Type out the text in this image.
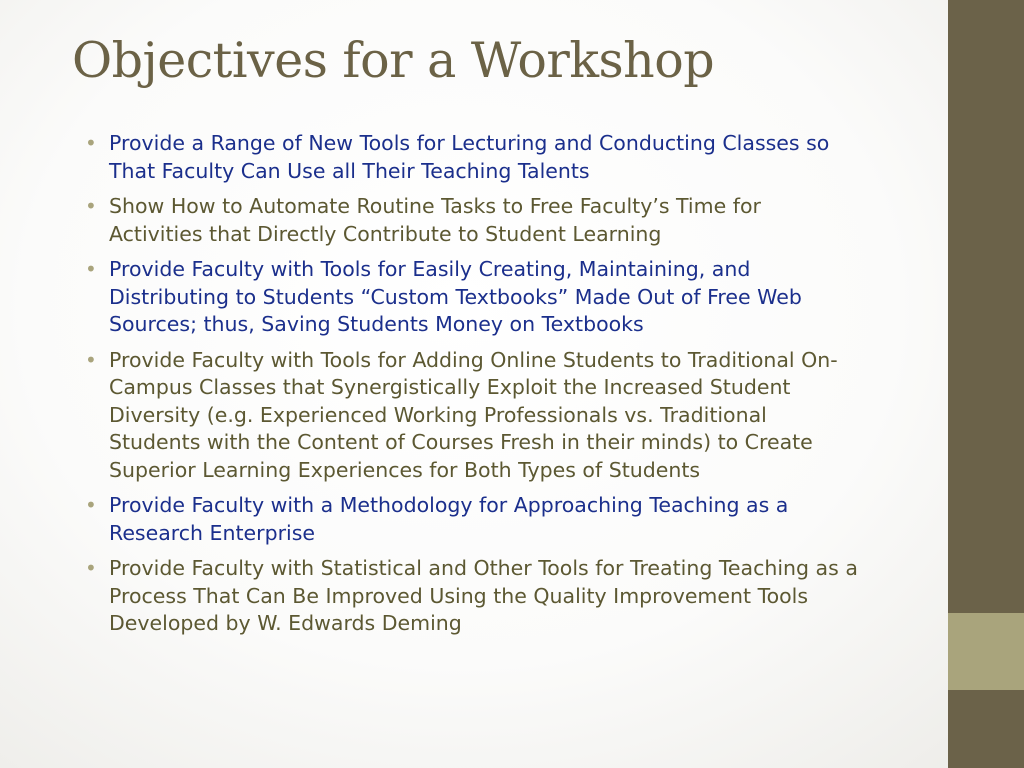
Objectives for a Workshop
• Provide a Range of New Tools for Lecturing and Conducting Classes so That Faculty Can Use all Their Teaching Talents
• Show How to Automate Routine Tasks to Free Faculty’s Time for Activities that Directly Contribute to Student Learning
• Provide Faculty with Tools for Easily Creating, Maintaining, and Distributing to Students “Custom Textbooks” Made Out of Free Web Sources; thus, Saving Students Money on Textbooks
• Provide Faculty with Tools for Adding Online Students to Traditional On-Campus Classes that Synergistically Exploit the Increased Student Diversity (e.g. Experienced Working Professionals vs. Traditional Students with the Content of Courses Fresh in their minds) to Create Superior Learning Experiences for Both Types of Students
• Provide Faculty with a Methodology for Approaching Teaching as a Research Enterprise
• Provide Faculty with Statistical and Other Tools for Treating Teaching as a Process That Can Be Improved Using the Quality Improvement Tools Developed by W. Edwards Deming
